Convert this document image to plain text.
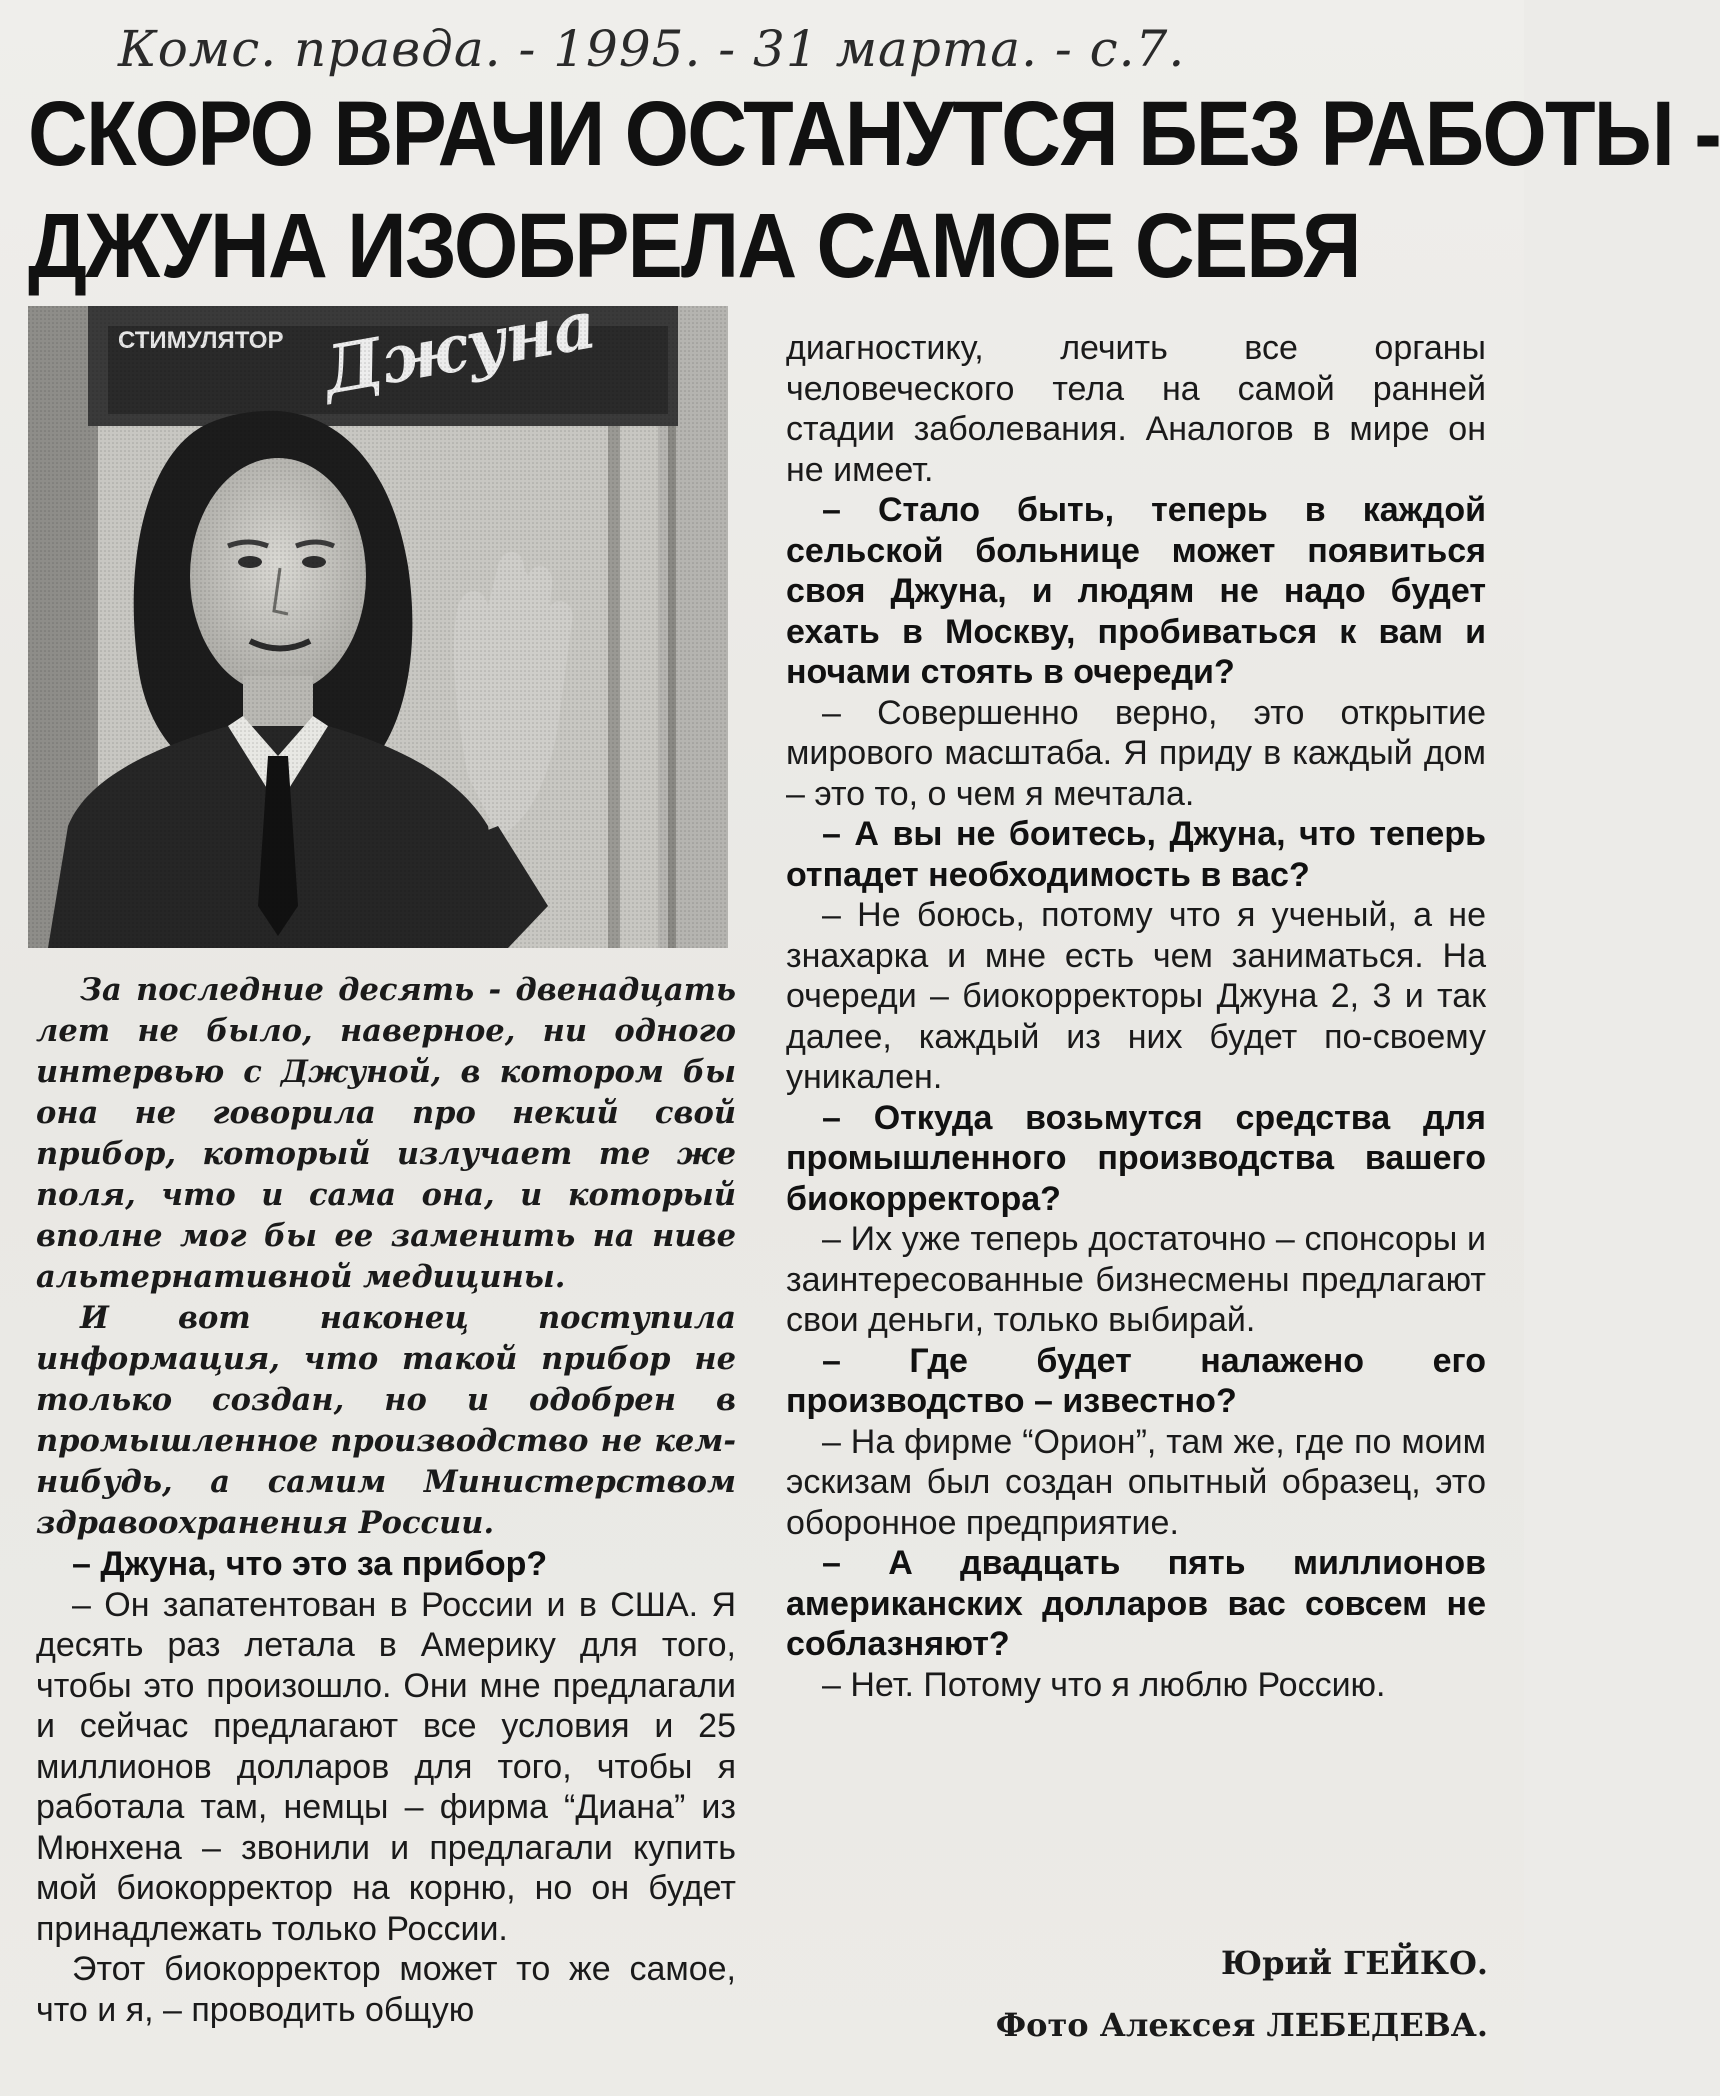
Комс. правда. - 1995. - 31 марта. - с.7.
СКОРО ВРАЧИ ОСТАНУТСЯ БЕЗ РАБОТЫ -
ДЖУНА ИЗОБРЕЛА САМОЕ СЕБЯ

За последние десять - двенадцать лет не было, наверное, ни одного интервью с Джуной, в котором бы она не говорила про некий свой прибор, который излучает те же поля, что и сама она, и который вполне мог бы ее заменить на ниве альтернативной медицины.

И вот наконец поступила информация, что такой прибор не только создан, но и одобрен в промышленное производство не кем-нибудь, а самим Министерством здравоохранения России.

– Джуна, что это за прибор?

– Он запатентован в России и в США. Я десять раз летала в Америку для того, чтобы это произошло. Они мне предлагали и сейчас предлагают все условия и 25 миллионов долларов для того, чтобы я работала там, немцы – фирма “Диана” из Мюнхена – звонили и предлагали купить мой биокорректор на корню, но он будет принадлежать только России.

Этот биокорректор может то же самое, что и я, – проводить общую

диагностику, лечить все органы человеческого тела на самой ранней стадии заболевания. Аналогов в мире он не имеет.

– Стало быть, теперь в каждой сельской больнице может появиться своя Джуна, и людям не надо будет ехать в Москву, пробиваться к вам и ночами стоять в очереди?

– Совершенно верно, это открытие мирового масштаба. Я приду в каждый дом – это то, о чем я мечтала.

– А вы не боитесь, Джуна, что теперь отпадет необходимость в вас?

– Не боюсь, потому что я ученый, а не знахарка и мне есть чем заниматься. На очереди – биокорректоры Джуна 2, 3 и так далее, каждый из них будет по-своему уникален.

– Откуда возьмутся средства для промышленного производства вашего биокорректора?

– Их уже теперь достаточно – спонсоры и заинтересованные бизнесмены предлагают свои деньги, только выбирай.

– Где будет налажено его производство – известно?

– На фирме “Орион”, там же, где по моим эскизам был создан опытный образец, это оборонное предприятие.

– А двадцать пять миллионов американских долларов вас совсем не соблазняют?

– Нет. Потому что я люблю Россию.

Юрий ГЕЙКО.
Фото Алексея ЛЕБЕДЕВА.
